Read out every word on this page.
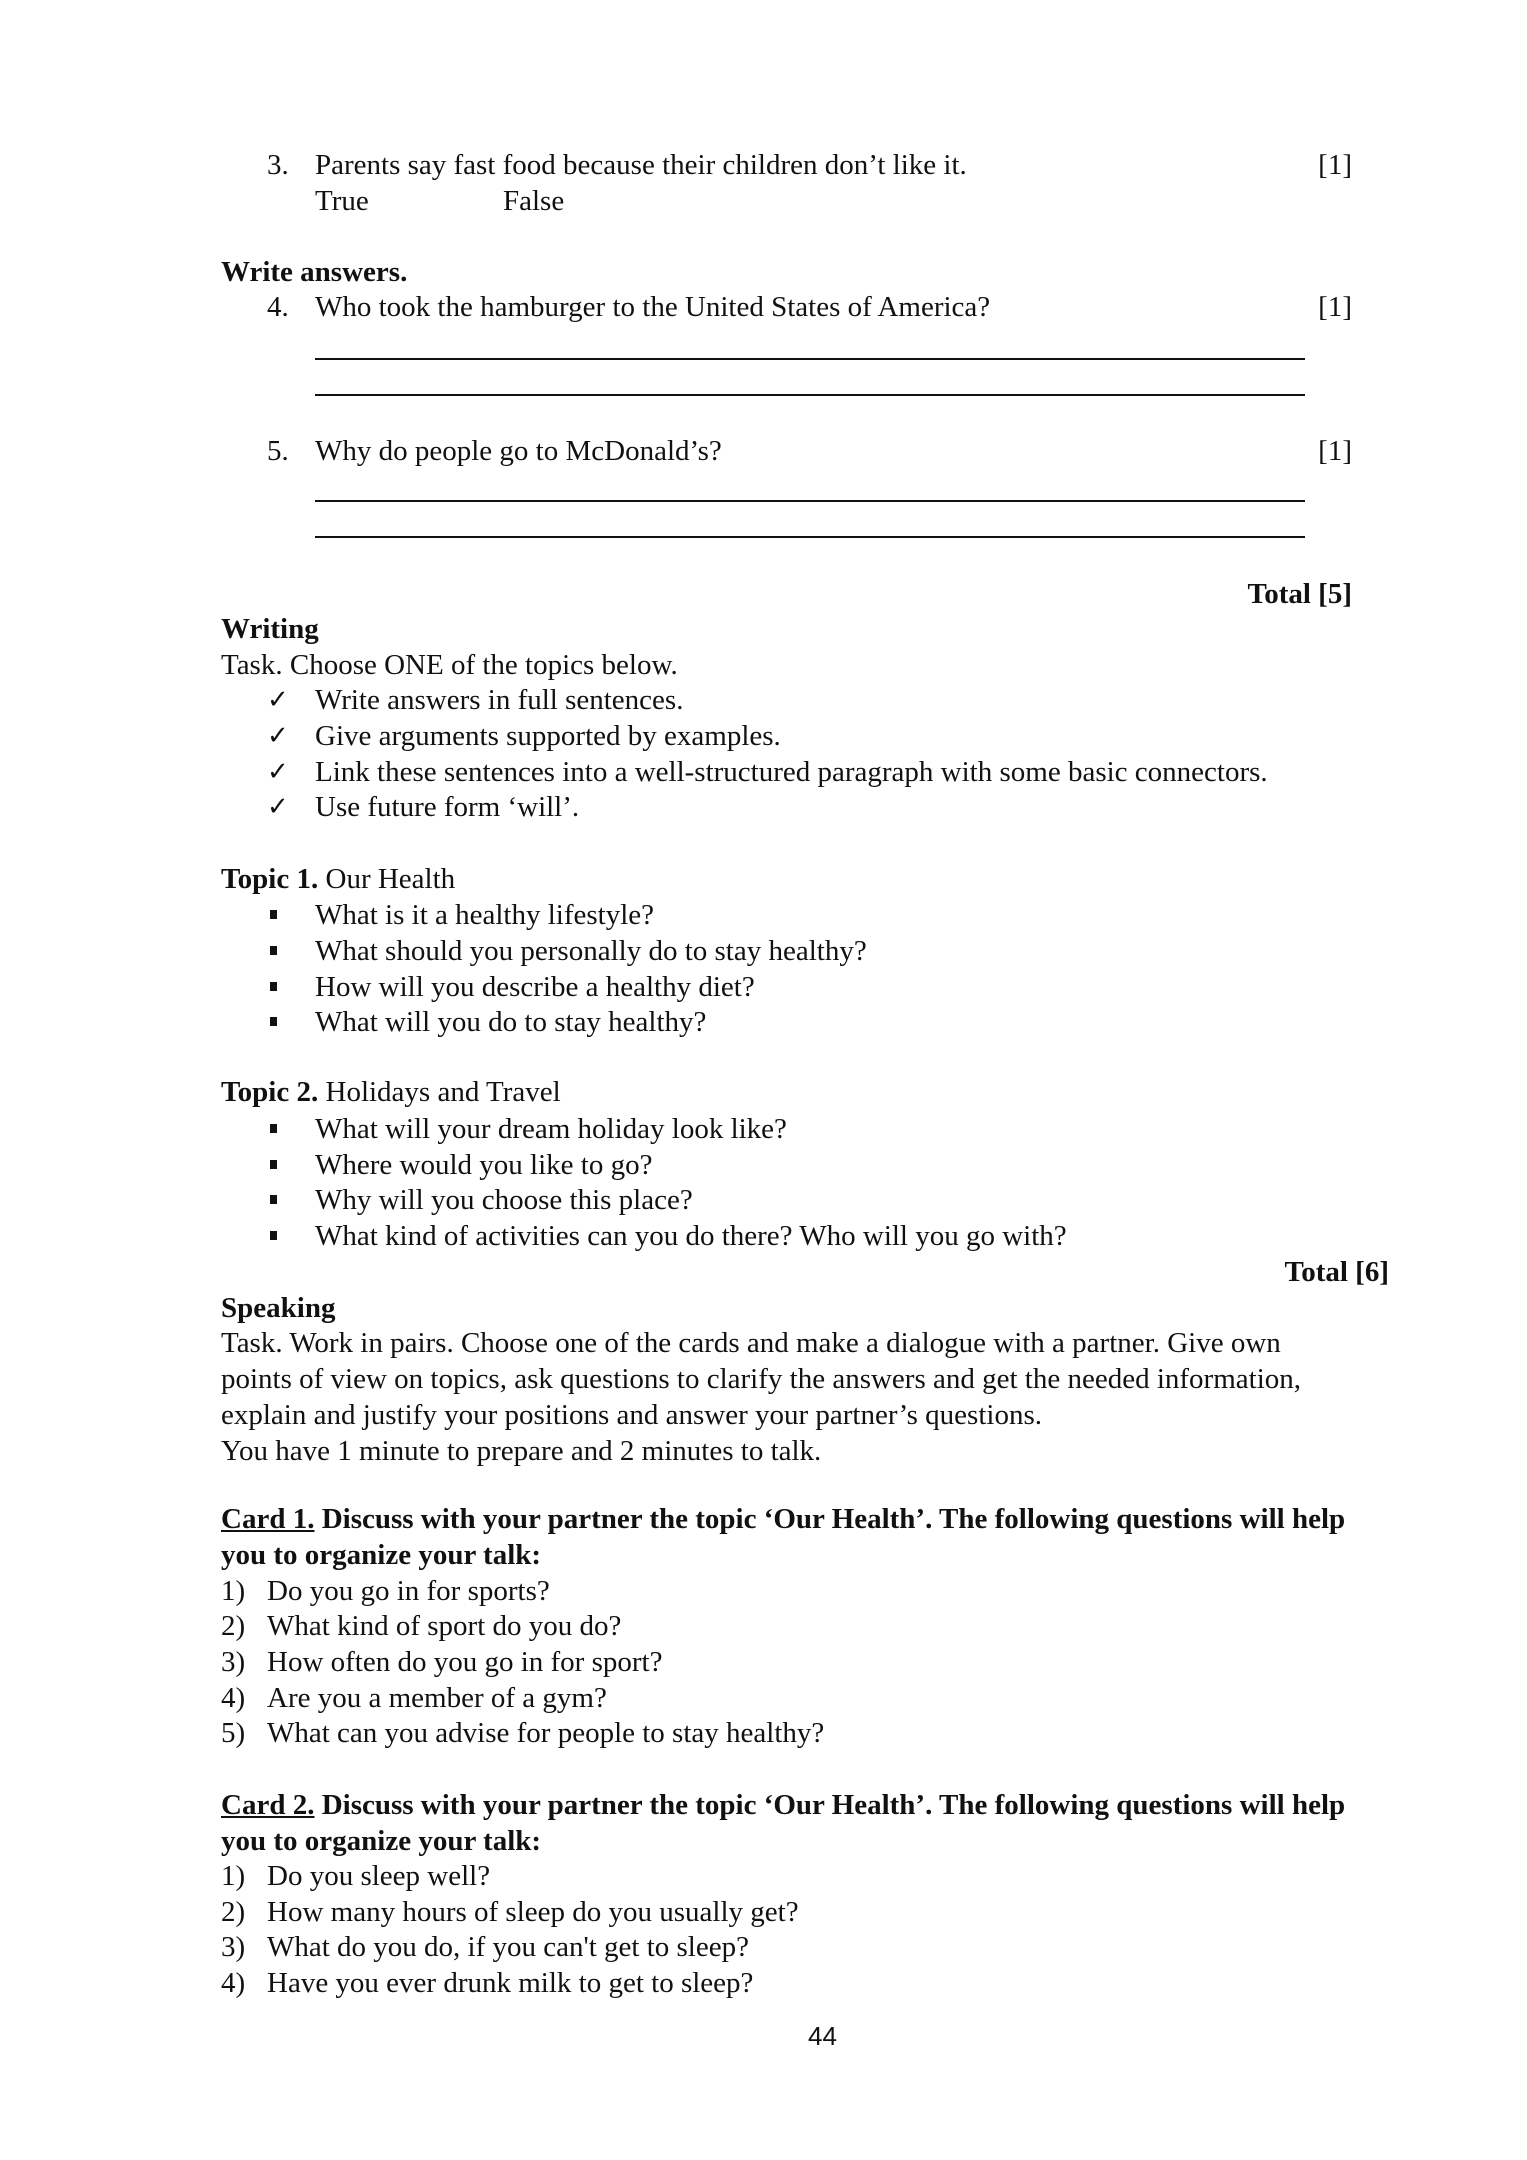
3. Parents say fast food because their children don’t like it.	[1]
True	False
Write answers.
4. Who took the hamburger to the United States of America?	[1]
5. Why do people go to McDonald’s?	[1]
Total [5]
Writing
Task. Choose ONE of the topics below.
✓ Write answers in full sentences.
✓ Give arguments supported by examples.
✓ Link these sentences into a well-structured paragraph with some basic connectors.
✓ Use future form ‘will’.
Topic 1. Our Health
What is it a healthy lifestyle?
What should you personally do to stay healthy?
How will you describe a healthy diet?
What will you do to stay healthy?
Topic 2. Holidays and Travel
What will your dream holiday look like?
Where would you like to go?
Why will you choose this place?
What kind of activities can you do there? Who will you go with?
Total [6]
Speaking
Task. Work in pairs. Choose one of the cards and make a dialogue with a partner. Give own
points of view on topics, ask questions to clarify the answers and get the needed information,
explain and justify your positions and answer your partner’s questions.
You have 1 minute to prepare and 2 minutes to talk.
Card 1. Discuss with your partner the topic ‘Our Health’. The following questions will help
you to organize your talk:
1) Do you go in for sports?
2) What kind of sport do you do?
3) How often do you go in for sport?
4) Are you a member of a gym?
5) What can you advise for people to stay healthy?
Card 2. Discuss with your partner the topic ‘Our Health’. The following questions will help
you to organize your talk:
1) Do you sleep well?
2) How many hours of sleep do you usually get?
3) What do you do, if you can't get to sleep?
4) Have you ever drunk milk to get to sleep?
44
